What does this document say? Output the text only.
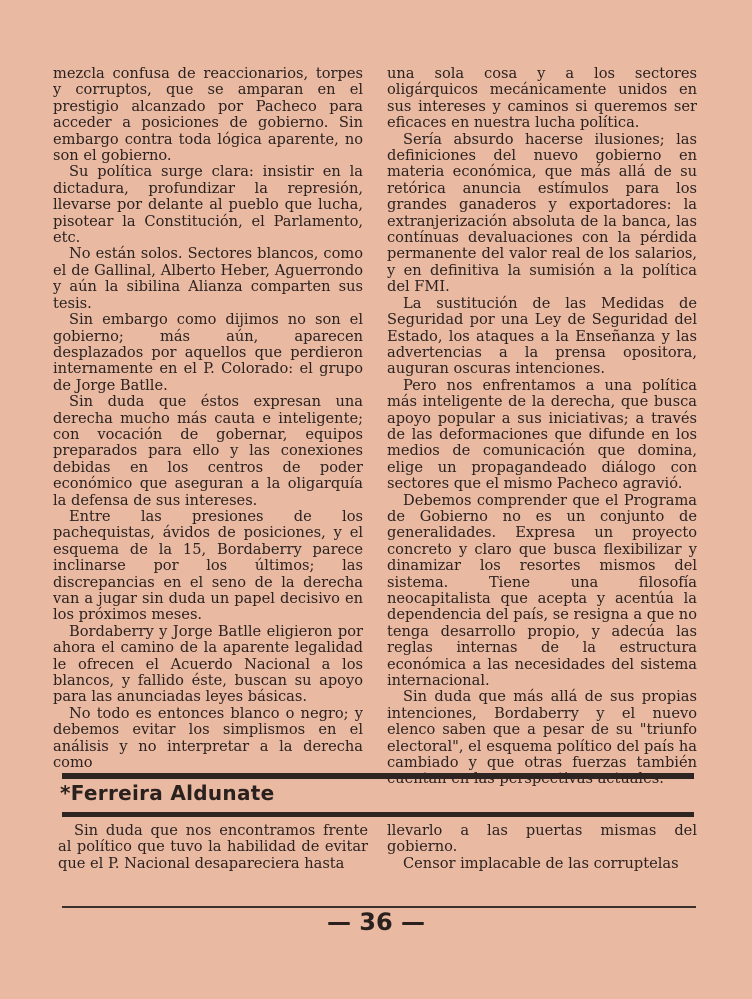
mezcla confusa de reaccionarios, torpes y corruptos, que se amparan en el prestigio alcanzado por Pacheco para acceder a posiciones de gobierno. Sin embargo contra toda lógica aparente, no son el gobierno.

Su política surge clara: insistir en la dictadura, profundizar la represión, llevarse por delante al pueblo que lucha, pisotear la Constitución, el Parlamento, etc.

No están solos. Sectores blancos, como el de Gallinal, Alberto Heber, Aguerrondo y aún la sibilina Alianza comparten sus tesis.

Sin embargo como dijimos no son el gobierno; más aún, aparecen desplazados por aquellos que perdieron internamente en el P. Colorado: el grupo de Jorge Batlle.

Sin duda que éstos expresan una derecha mucho más cauta e inteligente; con vocación de gobernar, equipos preparados para ello y las conexiones debidas en los centros de poder económico que aseguran a la oligarquía la defensa de sus intereses.

Entre las presiones de los pachequistas, ávidos de posiciones, y el esquema de la 15, Bordaberry parece inclinarse por los últimos; las discrepancias en el seno de la derecha van a jugar sin duda un papel decisivo en los próximos meses.

Bordaberry y Jorge Batlle eligieron por ahora el camino de la aparente legalidad le ofrecen el Acuerdo Nacional a los blancos, y fallido éste, buscan su apoyo para las anunciadas leyes básicas.

No todo es entonces blanco o negro; y debemos evitar los simplismos en el análisis y no interpretar a la derecha como

una sola cosa y a los sectores oligárquicos mecánicamente unidos en sus intereses y caminos si queremos ser eficaces en nuestra lucha política.

Sería absurdo hacerse ilusiones; las definiciones del nuevo gobierno en materia económica, que más allá de su retórica anuncia estímulos para los grandes ganaderos y exportadores: la extranjerización absoluta de la banca, las contínuas devaluaciones con la pérdida permanente del valor real de los salarios, y en definitiva la sumisión a la política del FMI.

La sustitución de las Medidas de Seguridad por una Ley de Seguridad del Estado, los ataques a la Enseñanza y las advertencias a la prensa opositora, auguran oscuras intenciones.

Pero nos enfrentamos a una política más inteligente de la derecha, que busca apoyo popular a sus iniciativas; a través de las deformaciones que difunde en los medios de comunicación que domina, elige un propagandeado diálogo con sectores que el mismo Pacheco agravió.

Debemos comprender que el Programa de Gobierno no es un conjunto de generalidades. Expresa un proyecto concreto y claro que busca flexibilizar y dinamizar los resortes mismos del sistema. Tiene una filosofía neocapitalista que acepta y acentúa la dependencia del país, se resigna a que no tenga desarrollo propio, y adecúa las reglas internas de la estructura económica a las necesidades del sistema internacional.

Sin duda que más allá de sus propias intenciones, Bordaberry y el nuevo elenco saben que a pesar de su "triunfo electoral", el esquema político del país ha cambiado y que otras fuerzas también

*Ferreira Aldunate

Sin duda que nos encontramos frente al político que tuvo la habilidad de evitar que el P. Nacional desapareciera hasta

llevarlo a las puertas mismas del gobierno.

Censor implacable de las corruptelas

— 36 —
